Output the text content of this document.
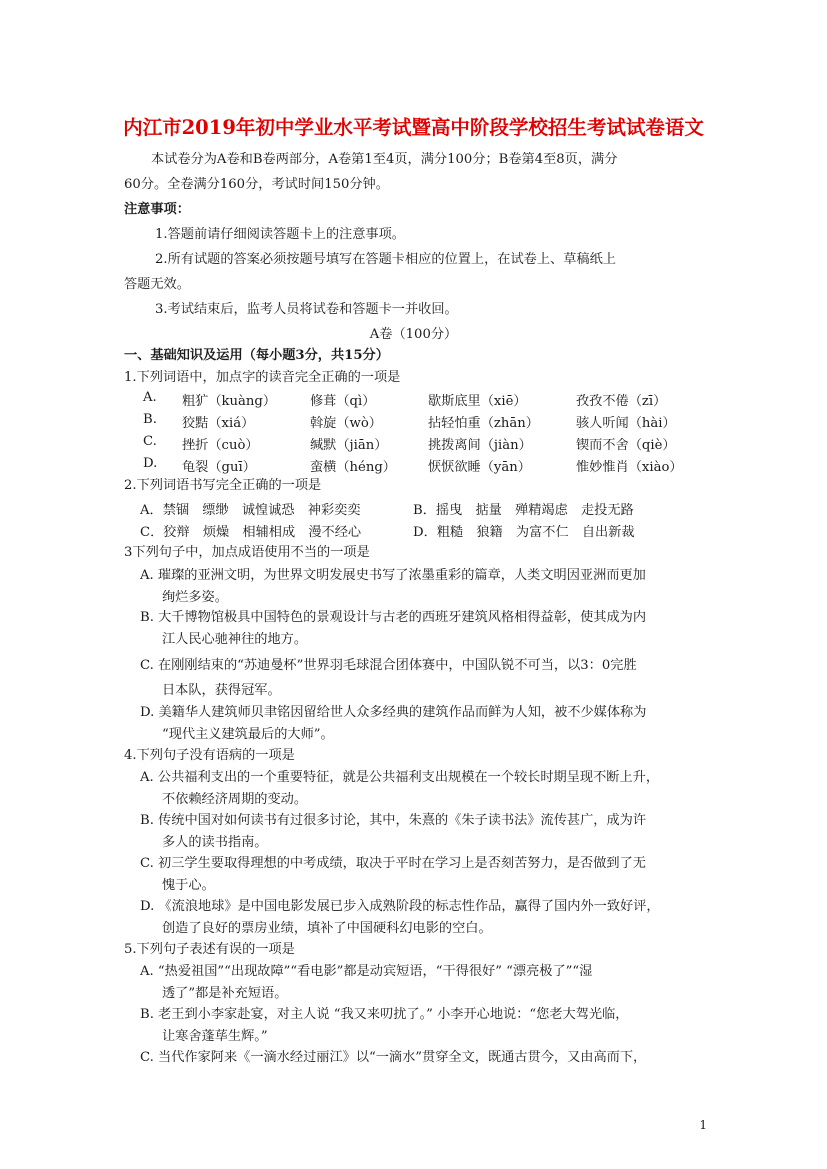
内江市2019年初中学业水平考试暨高中阶段学校招生考试试卷语文
本试卷分为A卷和B卷两部分，A卷第1至4页，满分100分；B卷第4至8页，满分
60分。全卷满分160分，考试时间150分钟。
注意事项：
1.答题前请仔细阅读答题卡上的注意事项。
2.所有试题的答案必须按题号填写在答题卡相应的位置上，在试卷上、草稿纸上
答题无效。
3.考试结束后，监考人员将试卷和答题卡一并收回。
A卷（100分）
一、基础知识及运用（每小题3分，共15分）
1.下列词语中，加点字的读音完全正确的一项是
A. 粗犷（kuàng）	修葺（qì）	歇斯底里（xiē）	孜孜不倦（zī）
B. 狡黠（xiá）	斡旋（wò）	拈轻怕重（zhān）	骇人听闻（hài）
C. 挫折（cuò）	缄默（jiān）	挑拨离间（jiàn）	锲而不舍（qiè）
D. 龟裂（guī）	蛮横（héng） 恹恹欲睡（yān）	惟妙惟肖（xiào）
2.下列词语书写完全正确的一项是
A．禁锢　缥缈　诚惶诚恐　神彩奕奕	B．摇曳　掂量　殚精竭虑　走投无路
C．狡辩　烦燥　相辅相成　漫不经心	D．粗糙　狼籍　为富不仁　自出新裁
3下列句子中，加点成语使用不当的一项是
A. 璀璨的亚洲文明，为世界文明发展史书写了浓墨重彩的篇章，人类文明因亚洲而更加
绚烂多姿。
B. 大千博物馆极具中国特色的景观设计与古老的西班牙建筑风格相得益彰，使其成为内
江人民心驰神往的地方。
C. 在刚刚结束的“苏迪曼杯”世界羽毛球混合团体赛中，中国队锐不可当，以3：0完胜
日本队，获得冠军。
D. 美籍华人建筑师贝聿铭因留给世人众多经典的建筑作品而鲜为人知，被不少媒体称为
“现代主义建筑最后的大师”。
4.下列句子没有语病的一项是
A. 公共福利支出的一个重要特征，就是公共福利支出规模在一个较长时期呈现不断上升，
不依赖经济周期的变动。
B. 传统中国对如何读书有过很多讨论，其中，朱熹的《朱子读书法》流传甚广，成为许
多人的读书指南。
C. 初三学生要取得理想的中考成绩，取决于平时在学习上是否刻苦努力，是否做到了无
愧于心。
D. 《流浪地球》是中国电影发展已步入成熟阶段的标志性作品，赢得了国内外一致好评，
创造了良好的票房业绩，填补了中国硬科幻电影的空白。
5.下列句子表述有误的一项是
A. “热爱祖国”“出现故障”“看电影”都是动宾短语，“干得很好” “漂亮极了”“湿
透了”都是补充短语。
B. 老王到小李家赴宴，对主人说 “我又来叨扰了。” 小李开心地说：“您老大驾光临，
让寒舍蓬荜生辉。”
C. 当代作家阿来《一滴水经过丽江》以“一滴水”贯穿全文，既通古贯今，又由高而下，
1
